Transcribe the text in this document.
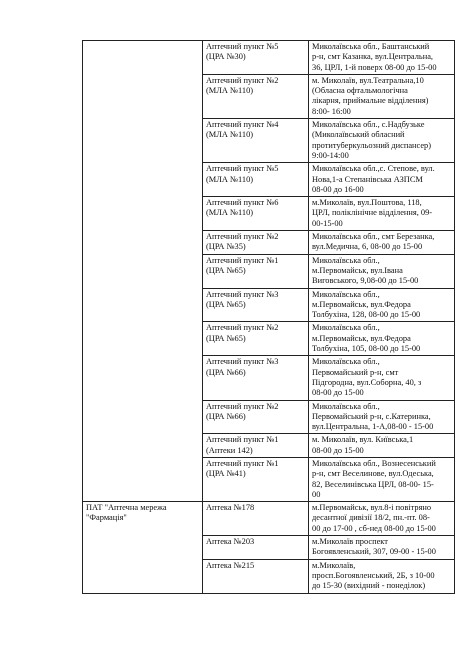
	Аптечний пункт №5
(ЦРА №30)	Миколаївська обл., Баштанський
р-н, смт Казанка, вул.Центральна,
36, ЦРЛ, 1-й поверх 08-00 до 15-00

	Аптечний пункт №2
(МЛА №110)	м. Миколаїв, вул.Театральна,10
(Обласна офтальмологічна
лікарня, приймальне відділення)
8:00- 16:00

	Аптечний пункт №4
(МЛА №110)	Миколаївська обл., с.Надбузьке
(Миколаївський обласний
протитуберкульозний диспансер)
9:00-14:00

	Аптечний пункт №5
(МЛА №110)	Миколаївська обл.,с. Степове, вул.
Нова,1-а Степанівська АЗПСМ
08-00 до 16-00

	Аптечний пункт №6
(МЛА №110)	м.Миколаїв, вул.Поштова, 118,
ЦРЛ, поліклінічне відділення, 09-
00-15-00

	Аптечний пункт №2
(ЦРА №35)	Миколаївська обл., смт Березанка,
вул.Медична, 6, 08-00 до 15-00

	Аптечний пункт №1
(ЦРА №65)	Миколаївська обл.,
м.Первомайськ, вул.Івана
Виговського, 9,08-00 до 15-00

	Аптечний пункт №3
(ЦРА №65)	Миколаївська обл.,
м.Первомайськ, вул.Федора
Толбухіна, 128, 08-00 до 15-00

	Аптечний пункт №2
(ЦРА №65)	Миколаївська обл.,
м.Первомайськ, вул.Федора
Толбухіна, 105, 08-00 до 15-00

	Аптечний пункт №3
(ЦРА №66)	Миколаївська обл.,
Первомайський р-н, смт
Підгородна, вул.Соборна, 40, з
08-00 до 15-00

	Аптечний пункт №2
(ЦРА №66)	Миколаївська обл.,
Первомайський р-н, с.Катеринка,
вул.Центральна, 1-А,08-00 - 15-00

	Аптечний пункт №1
(Аптеки 142)	м. Миколаїв, вул. Київська,1
08-00 до 15-00

	Аптечний пункт №1
(ЦРА №41)	Миколаївська обл., Вознесенський
р-н, смт Веселинове, вул.Одеська,
82, Веселинівська ЦРЛ, 08-00- 15-
00

ПАТ "Аптечна мережа
"Фармація"	Аптека №178	м.Первомайськ, вул.8-і повітряно
десантної дивізії 18/2, пн.-пт. 08-
00 до 17-00 , сб-нед 08-00 до 15-00

	Аптека №203	м.Миколаїв проспект
Богоявленський, 307, 09-00 - 15-00

	Аптека №215	м.Миколаїв,
просп.Богоявленський, 2Б, з 10-00
до 15-30 (вихідний - понеділок)
